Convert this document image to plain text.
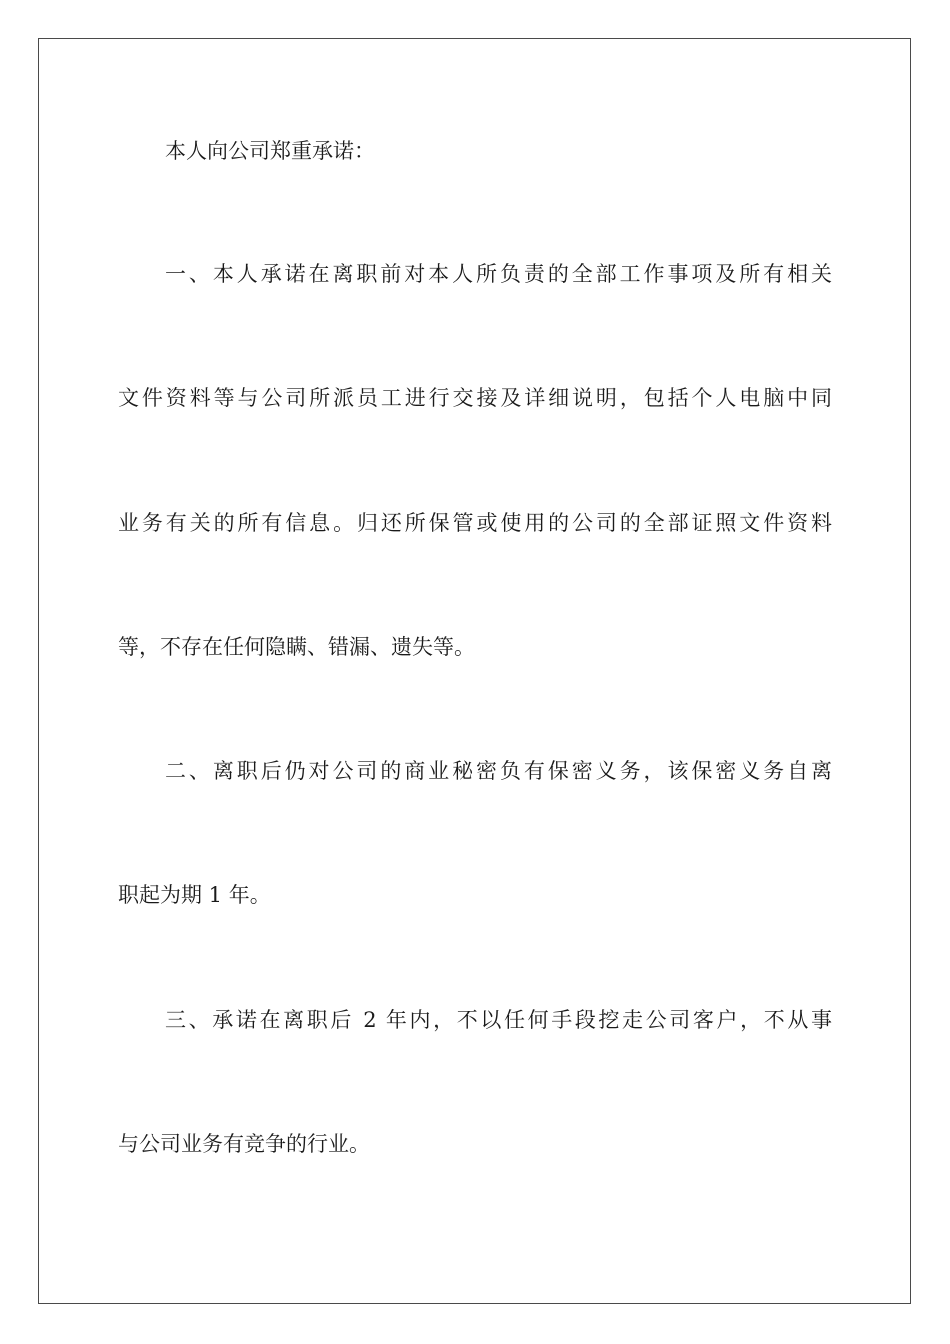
本人向公司郑重承诺：
一、本人承诺在离职前对本人所负责的全部工作事项及所有相关
文件资料等与公司所派员工进行交接及详细说明，包括个人电脑中同
业务有关的所有信息。归还所保管或使用的公司的全部证照文件资料
等，不存在任何隐瞒、错漏、遗失等。
二、离职后仍对公司的商业秘密负有保密义务，该保密义务自离
职起为期 1 年。
三、承诺在离职后 2 年内，不以任何手段挖走公司客户，不从事
与公司业务有竞争的行业。
